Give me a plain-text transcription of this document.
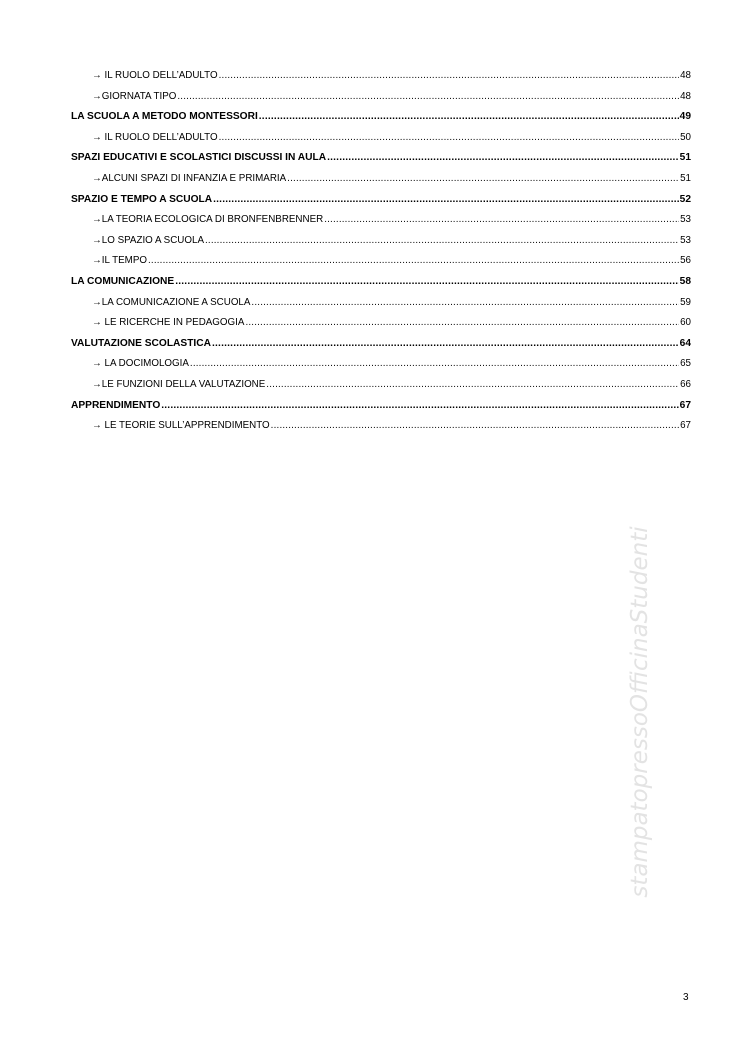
→ IL RUOLO DELL’ADULTO .....	48
→GIORNATA TIPO .....	48
LA SCUOLA A METODO MONTESSORI .....	49
→ IL RUOLO DELL’ADULTO .....	50
SPAZI EDUCATIVI E SCOLASTICI DISCUSSI IN AULA .....	51
→ALCUNI SPAZI DI INFANZIA E PRIMARIA .....	51
SPAZIO E TEMPO A SCUOLA .....	52
→LA TEORIA ECOLOGICA DI BRONFENBRENNER .....	53
→LO SPAZIO A SCUOLA .....	53
→IL TEMPO .....	56
LA COMUNICAZIONE .....	58
→LA COMUNICAZIONE A SCUOLA .....	59
→ LE RICERCHE IN PEDAGOGIA .....	60
VALUTAZIONE SCOLASTICA .....	64
→ LA DOCIMOLOGIA .....	65
→LE FUNZIONI DELLA VALUTAZIONE .....	66
APPRENDIMENTO .....	67
→ LE TEORIE SULL’APPRENDIMENTO .....	67
stampatopressoOfficinaStudenti
3
